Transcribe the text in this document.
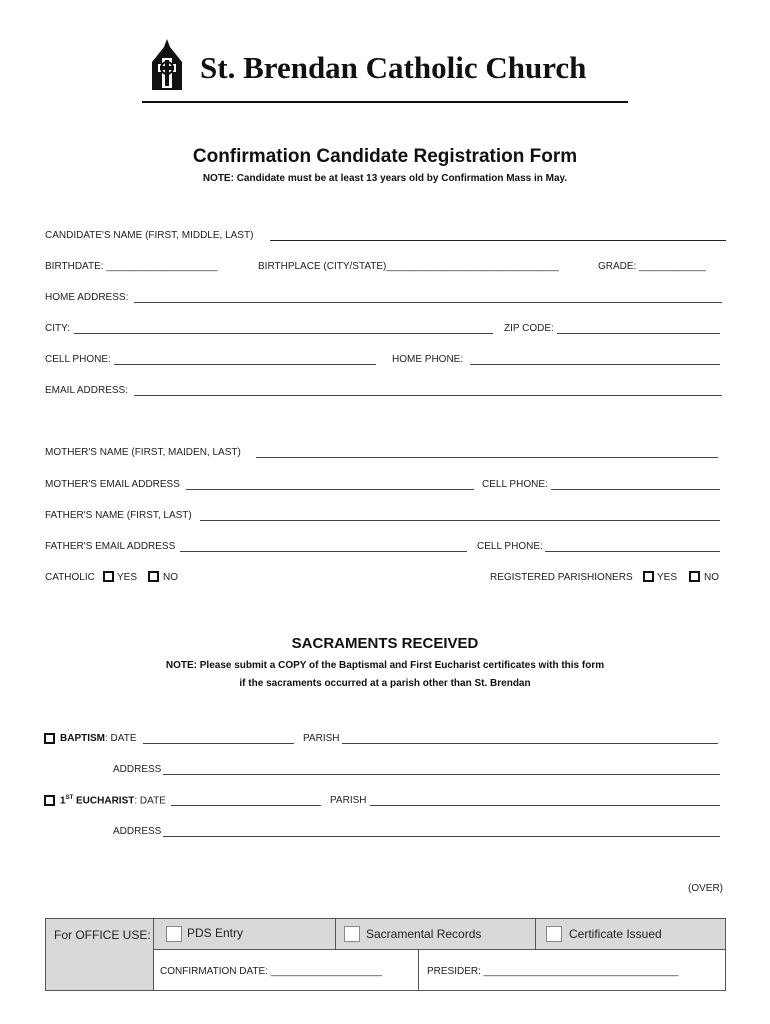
St. Brendan Catholic Church
Confirmation Candidate Registration Form
NOTE: Candidate must be at least 13 years old by Confirmation Mass in May.
CANDIDATE'S NAME (FIRST, MIDDLE, LAST)
BIRTHDATE: ____________________	BIRTHPLACE (CITY/STATE)_______________________________	GRADE: ____________
HOME ADDRESS:
CITY:	ZIP CODE:
CELL PHONE:	HOME PHONE:
EMAIL ADDRESS:
MOTHER'S NAME (FIRST, MAIDEN, LAST)
MOTHER'S EMAIL ADDRESS	CELL PHONE:
FATHER'S NAME (FIRST, LAST)
FATHER'S EMAIL ADDRESS	CELL PHONE:
CATHOLIC YES	NO	REGISTERED PARISHIONERS YES	NO
SACRAMENTS RECEIVED
NOTE: Please submit a COPY of the Baptismal and First Eucharist certificates with this form
if the sacraments occurred at a parish other than St. Brendan
BAPTISM: DATE	PARISH
ADDRESS
1ST EUCHARIST: DATE	PARISH
ADDRESS
(OVER)
For OFFICE USE:	PDS Entry	Sacramental Records	Certificate Issued
CONFIRMATION DATE: ____________________	PRESIDER: ___________________________________
